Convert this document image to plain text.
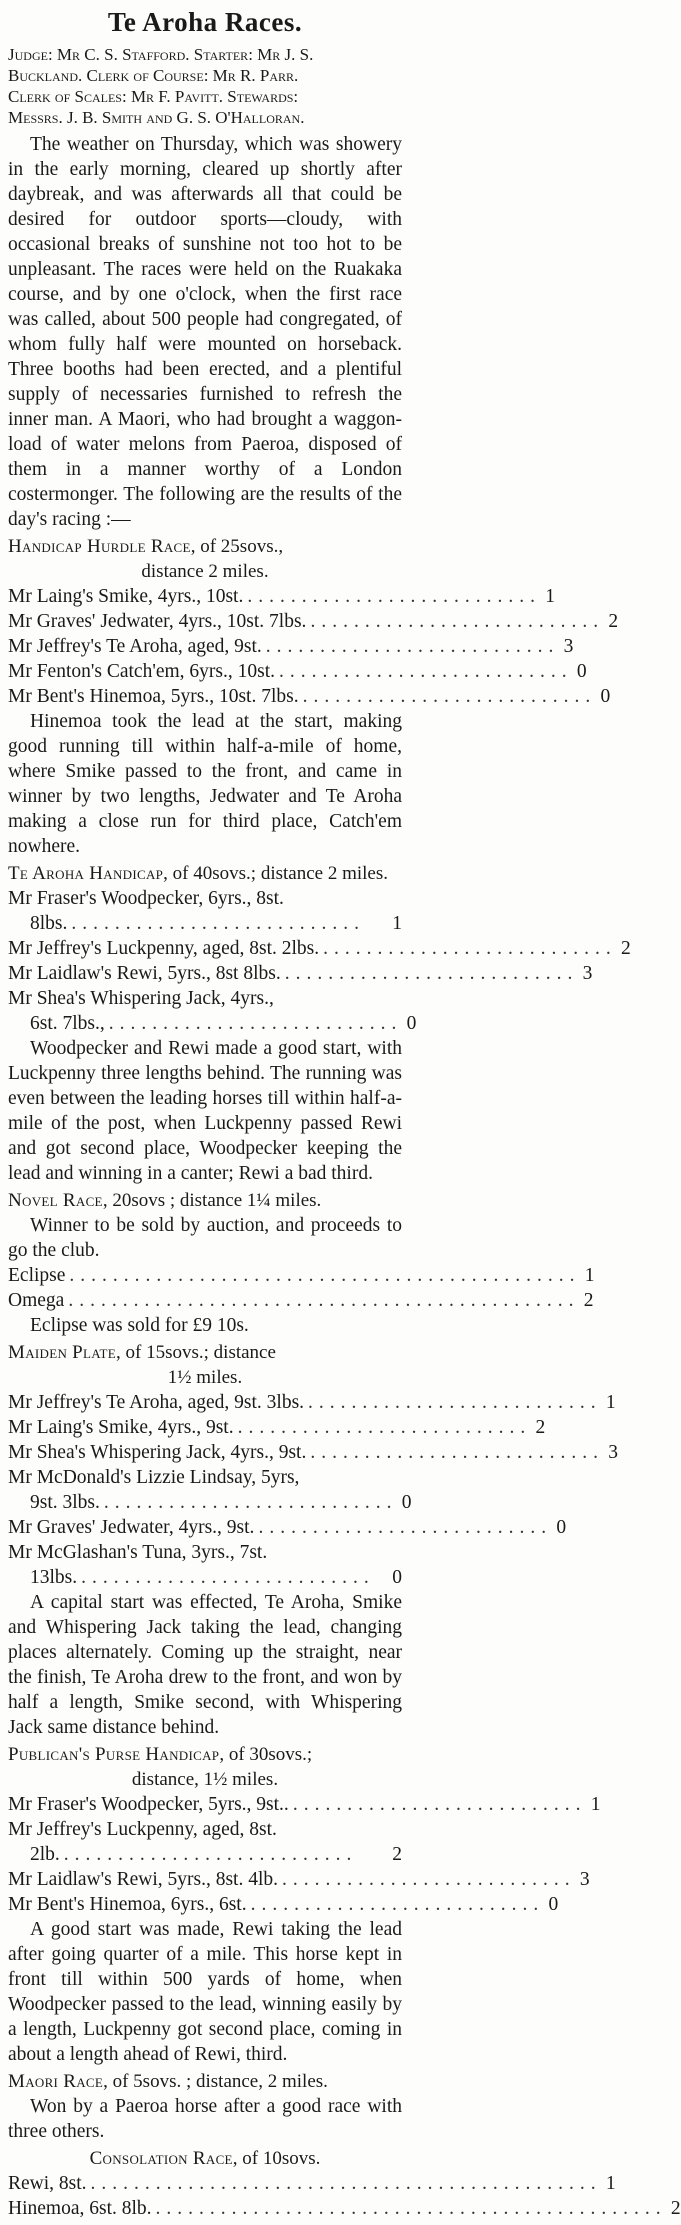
Te Aroha Races.
Judge: Mr C. S. Stafford. Starter: Mr J. S.
Buckland. Clerk of Course: Mr R. Parr.
Clerk of Scales: Mr F. Pavitt. Stewards:
Messrs. J. B. Smith and G. S. O'Halloran.

The weather on Thursday, which was showery in the early morning, cleared up shortly after daybreak, and was afterwards all that could be desired for outdoor sports—cloudy, with occasional breaks of sunshine not too hot to be unpleasant. The races were held on the Ruakaka course, and by one o'clock, when the first race was called, about 500 people had congregated, of whom fully half were mounted on horseback. Three booths had been erected, and a plentiful supply of necessaries furnished to refresh the inner man. A Maori, who had brought a waggon-load of water melons from Paeroa, disposed of them in a manner worthy of a London costermonger. The following are the results of the day's racing :—

Handicap Hurdle Race, of 25sovs.,
distance 2 miles.
Mr Laing's Smike, 4yrs., 10st. ........................... 1
Mr Graves' Jedwater, 4yrs., 10st. 7lbs. ........................... 2
Mr Jeffrey's Te Aroha, aged, 9st. ........................... 3
Mr Fenton's Catch'em, 6yrs., 10st. ........................... 0
Mr Bent's Hinemoa, 5yrs., 10st. 7lbs. ........................... 0

Hinemoa took the lead at the start, making good running till within half-a-mile of home, where Smike passed to the front, and came in winner by two lengths, Jedwater and Te Aroha making a close run for third place, Catch'em nowhere.

Te Aroha Handicap, of 40sovs.; distance 2 miles.
Mr Fraser's Woodpecker, 6yrs., 8st.
8lbs. ...........................	1
Mr Jeffrey's Luckpenny, aged, 8st. 2lbs. ........................... 2
Mr Laidlaw's Rewi, 5yrs., 8st 8lbs. ........................... 3
Mr Shea's Whispering Jack, 4yrs.,
6st. 7lbs., ........................... 0

Woodpecker and Rewi made a good start, with Luckpenny three lengths behind. The running was even between the leading horses till within half-a-mile of the post, when Luckpenny passed Rewi and got second place, Woodpecker keeping the lead and winning in a canter; Rewi a bad third.

Novel Race, 20sovs ; distance 1¼ miles.

Winner to be sold by auction, and proceeds to go the club.

Eclipse ............................................... 1
Omega ............................................... 2

Eclipse was sold for £9 10s.

Maiden Plate, of 15sovs.; distance
1½ miles.
Mr Jeffrey's Te Aroha, aged, 9st. 3lbs. ........................... 1
Mr Laing's Smike, 4yrs., 9st. ........................... 2
Mr Shea's Whispering Jack, 4yrs., 9st. ........................... 3
Mr McDonald's Lizzie Lindsay, 5yrs,
9st. 3lbs. ........................... 0
Mr Graves' Jedwater, 4yrs., 9st. ........................... 0
Mr McGlashan's Tuna, 3yrs., 7st.
13lbs. ........................... 0

A capital start was effected, Te Aroha, Smike and Whispering Jack taking the lead, changing places alternately. Coming up the straight, near the finish, Te Aroha drew to the front, and won by half a length, Smike second, with Whispering Jack same distance behind.

Publican's Purse Handicap, of 30sovs.;
distance, 1½ miles.
Mr Fraser's Woodpecker, 5yrs., 9st.. ........................... 1
Mr Jeffrey's Luckpenny, aged, 8st.
2lb. ...........................	2
Mr Laidlaw's Rewi, 5yrs., 8st. 4lb. ........................... 3
Mr Bent's Hinemoa, 6yrs., 6st. ........................... 0

A good start was made, Rewi taking the lead after going quarter of a mile. This horse kept in front till within 500 yards of home, when Woodpecker passed to the lead, winning easily by a length, Luckpenny got second place, coming in about a length ahead of Rewi, third.

Maori Race, of 5sovs. ; distance, 2 miles.

Won by a Paeroa horse after a good race with three others.

Consolation Race, of 10sovs.
Rewi, 8st. ............................................... 1
Hinemoa, 6st. 8lb. ............................................... 2
